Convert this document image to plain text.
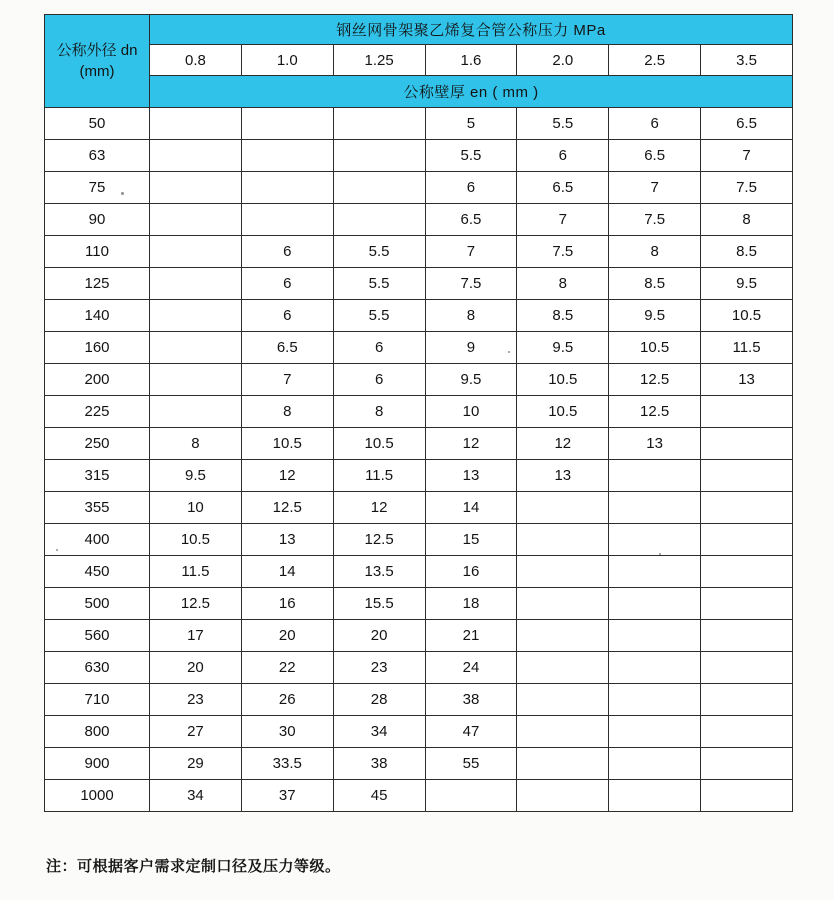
公称外径 dn
(mm)	钢丝网骨架聚乙烯复合管公称压力 MPa						
	0.8	1.0	1.25	1.6	2.0	2.5	3.5
	公称壁厚 en ( mm )						
50				5	5.5	6	6.5
63				5.5	6	6.5	7
75				6	6.5	7	7.5
90				6.5	7	7.5	8
110		6	5.5	7	7.5	8	8.5
125		6	5.5	7.5	8	8.5	9.5
140		6	5.5	8	8.5	9.5	10.5
160		6.5	6	9	9.5	10.5	11.5
200		7	6	9.5	10.5	12.5	13
225		8	8	10	10.5	12.5	
250	8	10.5	10.5	12	12	13	
315	9.5	12	11.5	13	13		
355	10	12.5	12	14			
400	10.5	13	12.5	15			
450	11.5	14	13.5	16			
500	12.5	16	15.5	18			
560	17	20	20	21			
630	20	22	23	24			
710	23	26	28	38			
800	27	30	34	47			
900	29	33.5	38	55			
1000	34	37	45				
注：可根据客户需求定制口径及压力等级。
